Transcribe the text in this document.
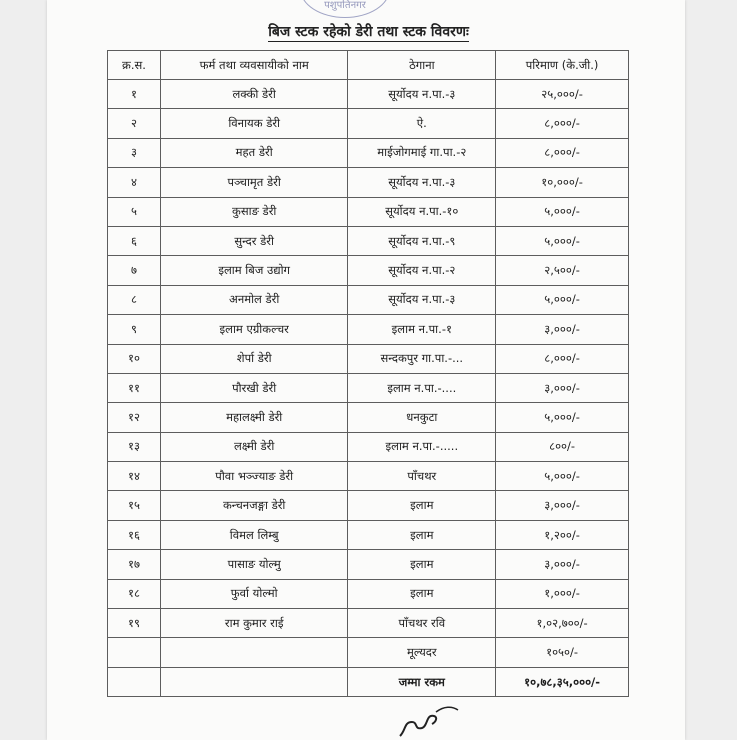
पशुपतिनगर
बिज स्टक रहेको डेरी तथा स्टक विवरणः
क्र.स.	फर्म तथा व्यवसायीको नाम	ठेगाना	परिमाण (के.जी.)
१	लक्की डेरी	सूर्योदय न.पा.-३	२५,०००/-
२	विनायक डेरी	ऐ.	८,०००/-
३	महत डेरी	माईजोगमाई गा.पा.-२	८,०००/-
४	पञ्चामृत डेरी	सूर्योदय न.पा.-३	१०,०००/-
५	कुसाङ डेरी	सूर्योदय न.पा.-१०	५,०००/-
६	सुन्दर डेरी	सूर्योदय न.पा.-९	५,०००/-
७	इलाम बिज उद्योग	सूर्योदय न.पा.-२	२,५००/-
८	अनमोल डेरी	सूर्योदय न.पा.-३	५,०००/-
९	इलाम एग्रीकल्चर	इलाम न.पा.-१	३,०००/-
१०	शेर्पा डेरी	सन्दकपुर गा.पा.-...	८,०००/-
११	पौरखी डेरी	इलाम न.पा.-....	३,०००/-
१२	महालक्ष्मी डेरी	धनकुटा	५,०००/-
१३	लक्ष्मी डेरी	इलाम न.पा.-.....	८००/-
१४	पौवा भञ्ज्याङ डेरी	पाँचथर	५,०००/-
१५	कन्चनजङ्गा डेरी	इलाम	३,०००/-
१६	विमल लिम्बु	इलाम	१,२००/-
१७	पासाङ योल्मु	इलाम	३,०००/-
१८	फुर्वा योल्मो	इलाम	१,०००/-
१९	राम कुमार राई	पाँचथर रवि	१,०२,७००/-
		मूल्यदर	१०५०/-
		जम्मा रकम	१०,७८,३५,०००/-
